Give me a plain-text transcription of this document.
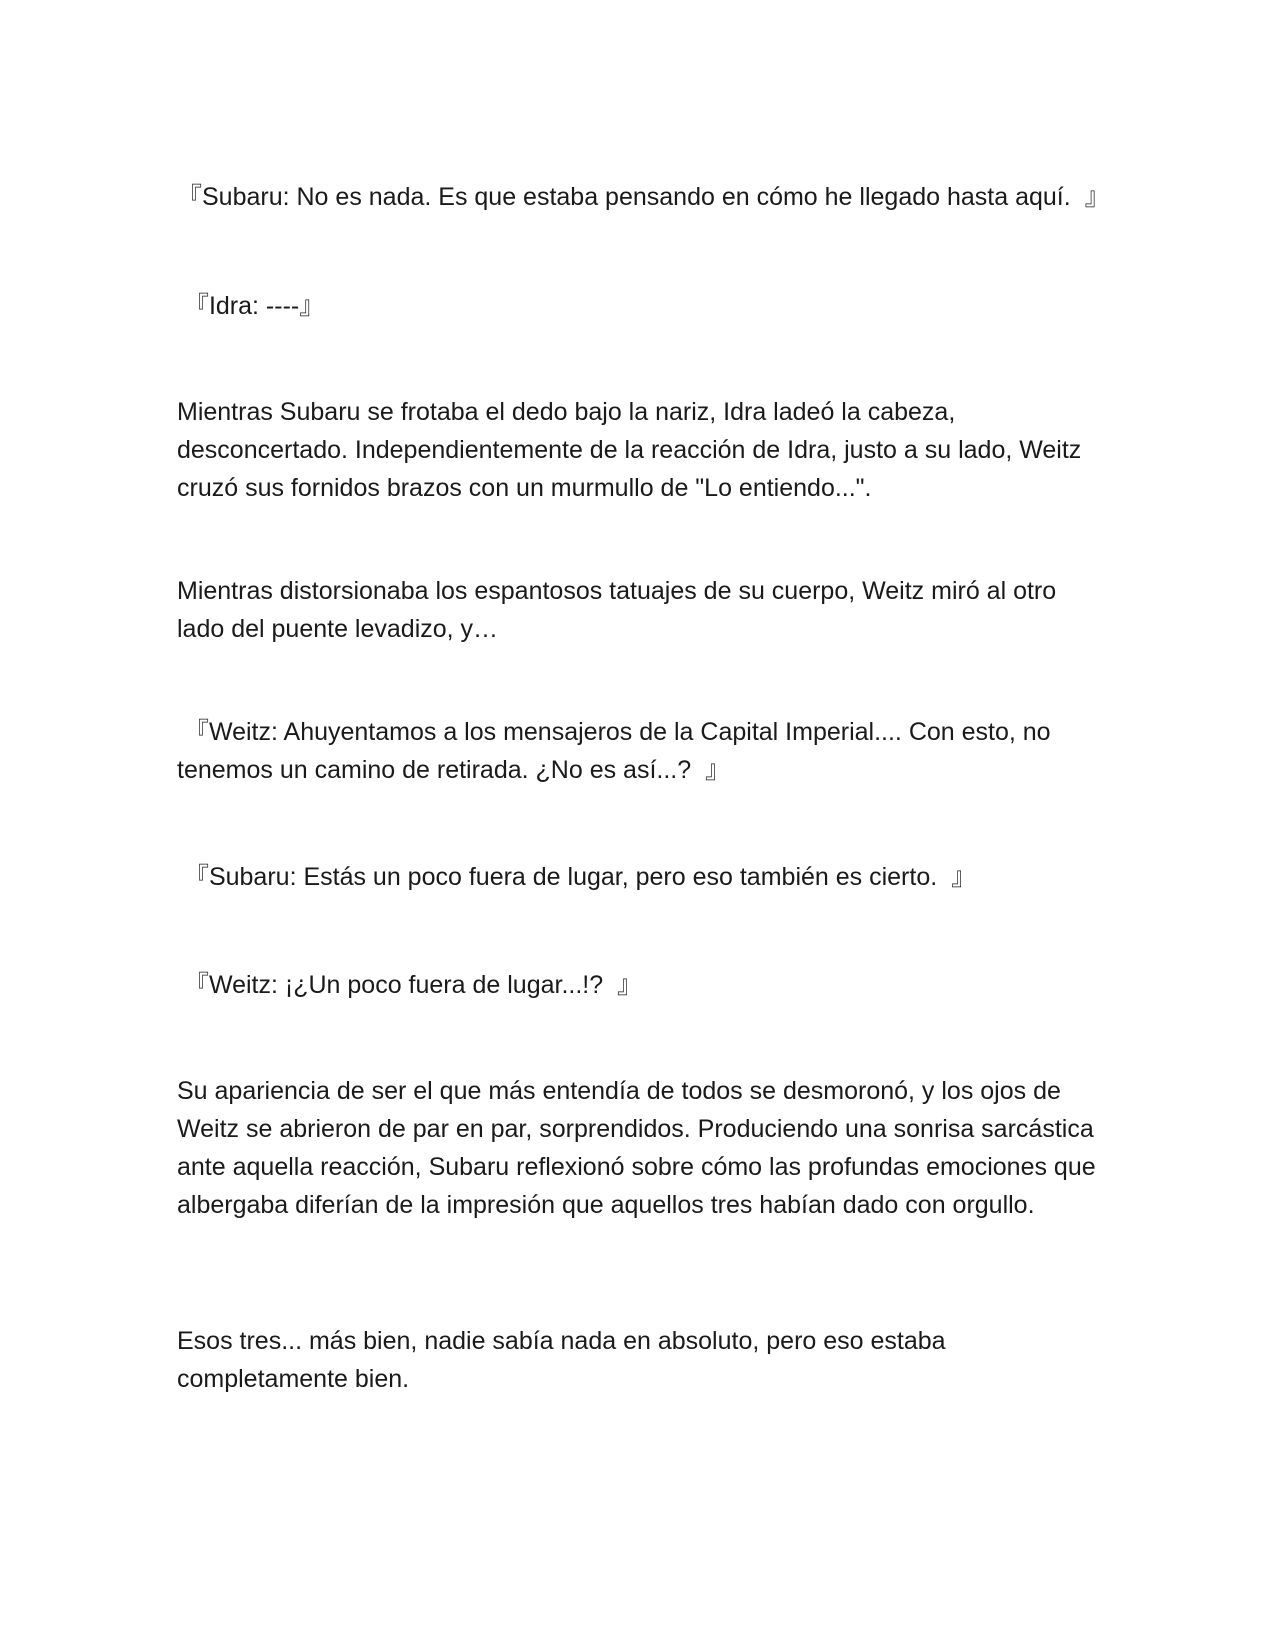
『Subaru: No es nada. Es que estaba pensando en cómo he llegado hasta aquí.  』

『Idra: ----』

Mientras Subaru se frotaba el dedo bajo la nariz, Idra ladeó la cabeza, desconcertado. Independientemente de la reacción de Idra, justo a su lado, Weitz cruzó sus fornidos brazos con un murmullo de "Lo entiendo...".

Mientras distorsionaba los espantosos tatuajes de su cuerpo, Weitz miró al otro lado del puente levadizo, y…

『Weitz: Ahuyentamos a los mensajeros de la Capital Imperial.... Con esto, no tenemos un camino de retirada. ¿No es así...?  』

『Subaru: Estás un poco fuera de lugar, pero eso también es cierto.  』

『Weitz: ¡¿Un poco fuera de lugar...!?  』

Su apariencia de ser el que más entendía de todos se desmoronó, y los ojos de Weitz se abrieron de par en par, sorprendidos. Produciendo una sonrisa sarcástica ante aquella reacción, Subaru reflexionó sobre cómo las profundas emociones que albergaba diferían de la impresión que aquellos tres habían dado con orgullo.

Esos tres... más bien, nadie sabía nada en absoluto, pero eso estaba completamente bien.
